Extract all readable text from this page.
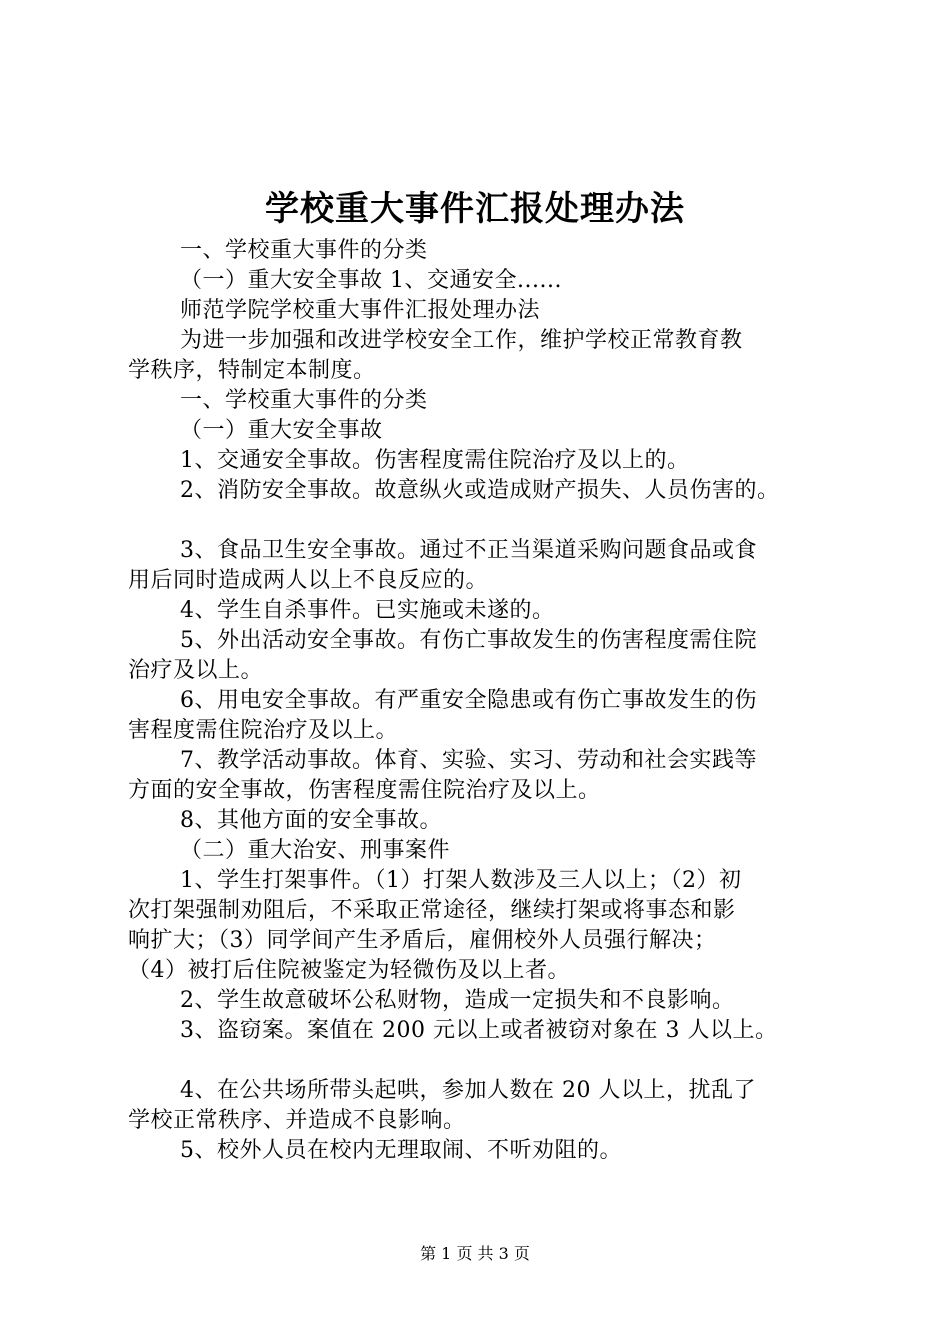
学校重大事件汇报处理办法
一、学校重大事件的分类
（一）重大安全事故 1、交通安全......
师范学院学校重大事件汇报处理办法
为进一步加强和改进学校安全工作，维护学校正常教育教
学秩序，特制定本制度。
一、学校重大事件的分类
（一）重大安全事故
1、交通安全事故。伤害程度需住院治疗及以上的。
2、消防安全事故。故意纵火或造成财产损失、人员伤害的。
3、食品卫生安全事故。通过不正当渠道采购问题食品或食
用后同时造成两人以上不良反应的。
4、学生自杀事件。已实施或未遂的。
5、外出活动安全事故。有伤亡事故发生的伤害程度需住院
治疗及以上。
6、用电安全事故。有严重安全隐患或有伤亡事故发生的伤
害程度需住院治疗及以上。
7、教学活动事故。体育、实验、实习、劳动和社会实践等
方面的安全事故，伤害程度需住院治疗及以上。
8、其他方面的安全事故。
（二）重大治安、刑事案件
1、学生打架事件。（1）打架人数涉及三人以上；（2）初
次打架强制劝阻后，不采取正常途径，继续打架或将事态和影
响扩大；（3）同学间产生矛盾后，雇佣校外人员强行解决；
（4）被打后住院被鉴定为轻微伤及以上者。
2、学生故意破坏公私财物，造成一定损失和不良影响。
3、盗窃案。案值在 200 元以上或者被窃对象在 3 人以上。
4、在公共场所带头起哄，参加人数在 20 人以上，扰乱了
学校正常秩序、并造成不良影响。
5、校外人员在校内无理取闹、不听劝阻的。
第 1 页 共 3 页
